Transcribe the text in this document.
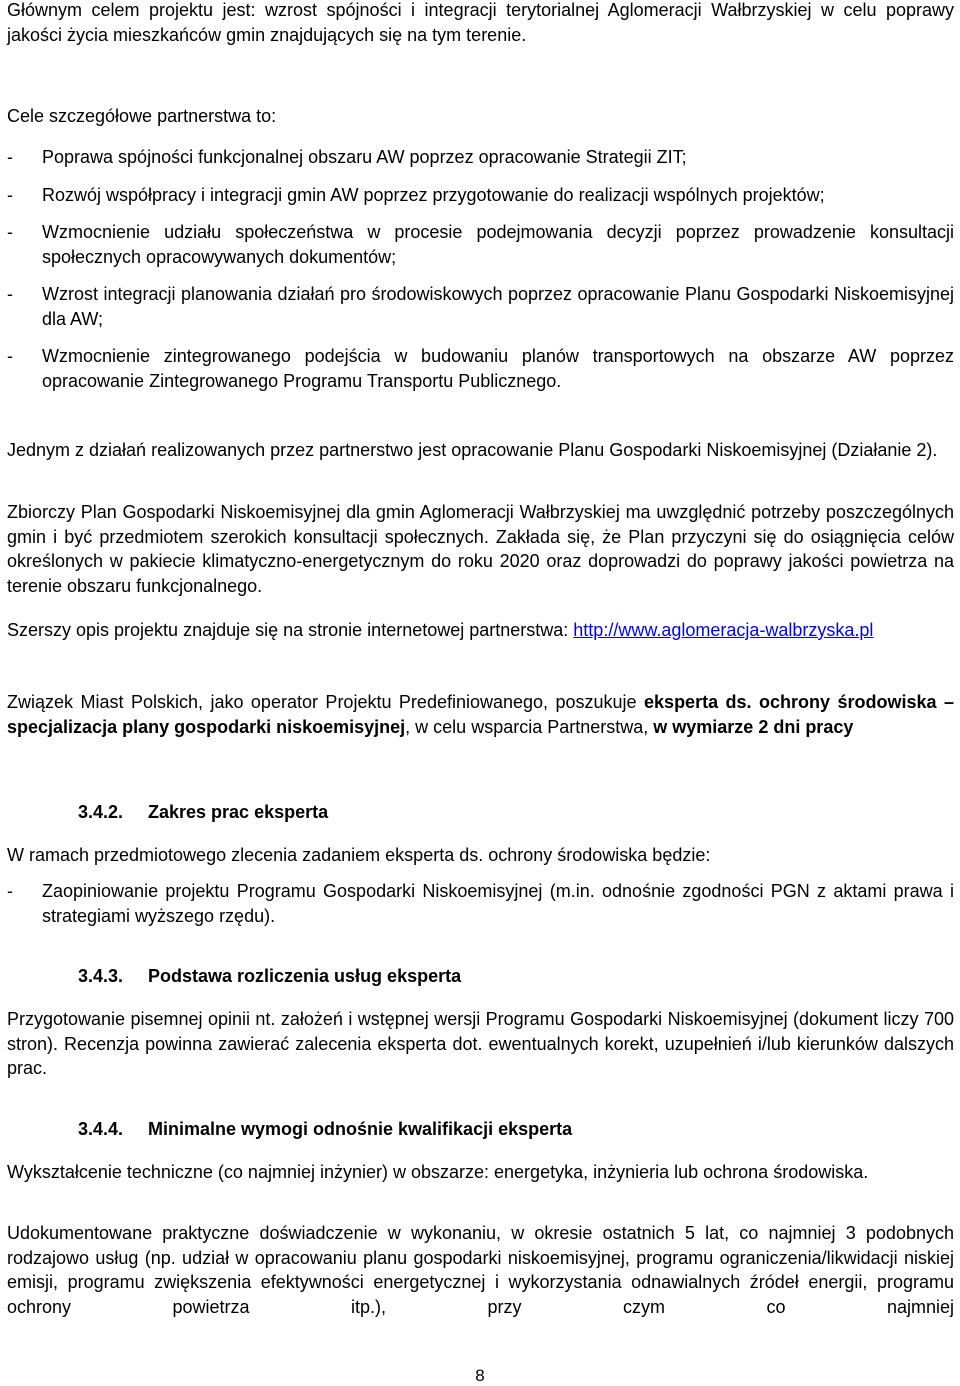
Głównym celem projektu jest: wzrost spójności i integracji terytorialnej Aglomeracji Wałbrzyskiej w celu poprawy jakości życia mieszkańców gmin znajdujących się na tym terenie.

Cele szczegółowe partnerstwa to:

-	Poprawa spójności funkcjonalnej obszaru AW poprzez opracowanie Strategii ZIT;
-	Rozwój współpracy i integracji gmin AW poprzez przygotowanie do realizacji wspólnych projektów;
-	Wzmocnienie udziału społeczeństwa w procesie podejmowania decyzji poprzez prowadzenie konsultacji społecznych opracowywanych dokumentów;
-	Wzrost integracji planowania działań pro środowiskowych poprzez opracowanie Planu Gospodarki Niskoemisyjnej dla AW;
-	Wzmocnienie zintegrowanego podejścia w budowaniu planów transportowych na obszarze AW poprzez opracowanie Zintegrowanego Programu Transportu Publicznego.

Jednym z działań realizowanych przez partnerstwo jest opracowanie Planu Gospodarki Niskoemisyjnej (Działanie 2).

Zbiorczy Plan Gospodarki Niskoemisyjnej dla gmin Aglomeracji Wałbrzyskiej ma uwzględnić potrzeby poszczególnych gmin i być przedmiotem szerokich konsultacji społecznych. Zakłada się, że Plan przyczyni się do osiągnięcia celów określonych w pakiecie klimatyczno-energetycznym do roku 2020 oraz doprowadzi do poprawy jakości powietrza na terenie obszaru funkcjonalnego.

Szerszy opis projektu znajduje się na stronie internetowej partnerstwa: http://www.aglomeracja-walbrzyska.pl

Związek Miast Polskich, jako operator Projektu Predefiniowanego, poszukuje eksperta ds. ochrony środowiska – specjalizacja plany gospodarki niskoemisyjnej, w celu wsparcia Partnerstwa, w wymiarze 2 dni pracy

3.4.2.	Zakres prac eksperta

W ramach przedmiotowego zlecenia zadaniem eksperta ds. ochrony środowiska będzie:

-	Zaopiniowanie projektu Programu Gospodarki Niskoemisyjnej (m.in. odnośnie zgodności PGN z aktami prawa i strategiami wyższego rzędu).
3.4.3.	Podstawa rozliczenia usług eksperta

Przygotowanie pisemnej opinii nt. założeń i wstępnej wersji Programu Gospodarki Niskoemisyjnej (dokument liczy 700 stron). Recenzja powinna zawierać zalecenia eksperta dot. ewentualnych korekt, uzupełnień i/lub kierunków dalszych prac.

3.4.4.	Minimalne wymogi odnośnie kwalifikacji eksperta

Wykształcenie techniczne (co najmniej inżynier) w obszarze: energetyka, inżynieria lub ochrona środowiska.

Udokumentowane praktyczne doświadczenie w wykonaniu, w okresie ostatnich 5 lat, co najmniej 3 podobnych rodzajowo usług (np. udział w opracowaniu planu gospodarki niskoemisyjnej, programu ograniczenia/likwidacji niskiej emisji, programu zwiększenia efektywności energetycznej i wykorzystania odnawialnych źródeł energii, programu ochrony powietrza itp.), przy czym co najmniej

8
